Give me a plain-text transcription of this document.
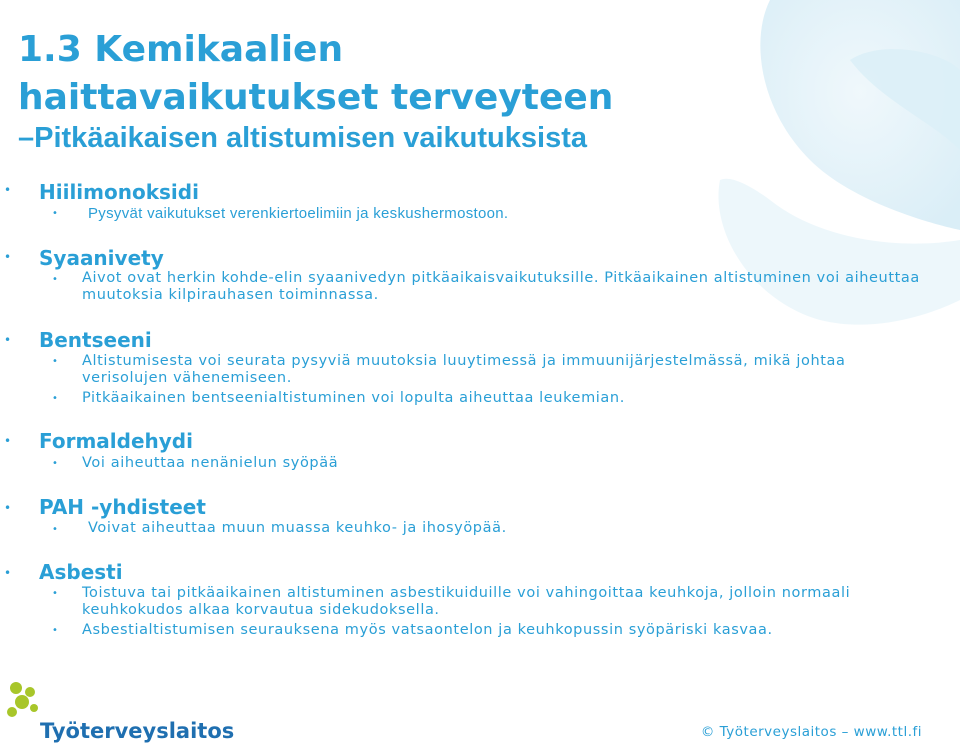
1.3 Kemikaalien
haittavaikutukset terveyteen
–Pitkäaikaisen altistumisen vaikutuksista
• Hiilimonoksidi
• Pysyvät vaikutukset verenkiertoelimiin ja keskushermostoon.
• Syaanivety
• Aivot ovat herkin kohde-elin syaanivedyn pitkäaikaisvaikutuksille. Pitkäaikainen altistuminen voi aiheuttaa muutoksia kilpirauhasen toiminnassa.
• Bentseeni
• Altistumisesta voi seurata pysyviä muutoksia luuytimessä ja immuunijärjestelmässä, mikä johtaa verisolujen vähenemiseen.
• Pitkäaikainen bentseenialtistuminen voi lopulta aiheuttaa leukemian.
• Formaldehydi
• Voi aiheuttaa nenänielun syöpää
• PAH -yhdisteet
• Voivat aiheuttaa muun muassa keuhko- ja ihosyöpää.
• Asbesti
• Toistuva tai pitkäaikainen altistuminen asbestikuiduille voi vahingoittaa keuhkoja, jolloin normaali keuhkokudos alkaa korvautua sidekudoksella.
• Asbestialtistumisen seurauksena myös vatsaontelon ja keuhkopussin syöpäriski kasvaa.
Työterveyslaitos	© Työterveyslaitos – www.ttl.fi
